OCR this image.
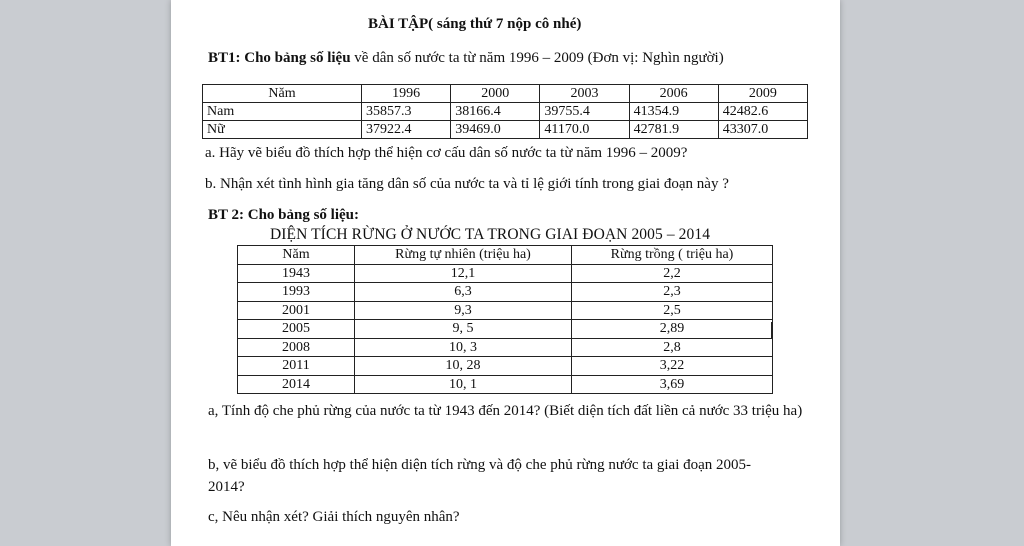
BÀI TẬP( sáng thứ 7 nộp cô nhé)
BT1: Cho bảng số liệu về dân số nước ta từ năm 1996 – 2009 (Đơn vị: Nghìn người)
Năm	1996	2000	2003	2006	2009
Nam	35857.3	38166.4	39755.4	41354.9	42482.6
Nữ	37922.4	39469.0	41170.0	42781.9	43307.0
a. Hãy vẽ biểu đồ thích hợp thể hiện cơ cấu dân số nước ta từ năm 1996 – 2009?
b. Nhận xét tình hình gia tăng dân số của nước ta và tỉ lệ giới tính trong giai đoạn này ?
BT 2: Cho bảng số liệu:
DIỆN TÍCH RỪNG Ở NƯỚC TA TRONG GIAI ĐOẠN 2005 – 2014
Năm	Rừng tự nhiên (triệu ha)	Rừng trồng ( triệu ha)
1943	12,1	2,2
1993	6,3	2,3
2001	9,3	2,5
2005	9, 5	2,89
2008	10, 3	2,8
2011	10, 28	3,22
2014	10, 1	3,69
a, Tính độ che phủ rừng của nước ta từ 1943 đến 2014? (Biết diện tích đất liền cả nước 33 triệu ha)
b, vẽ biểu đồ thích hợp thể hiện diện tích rừng và độ che phủ rừng nước ta giai đoạn 2005- 2014?
c, Nêu nhận xét? Giải thích nguyên nhân?
